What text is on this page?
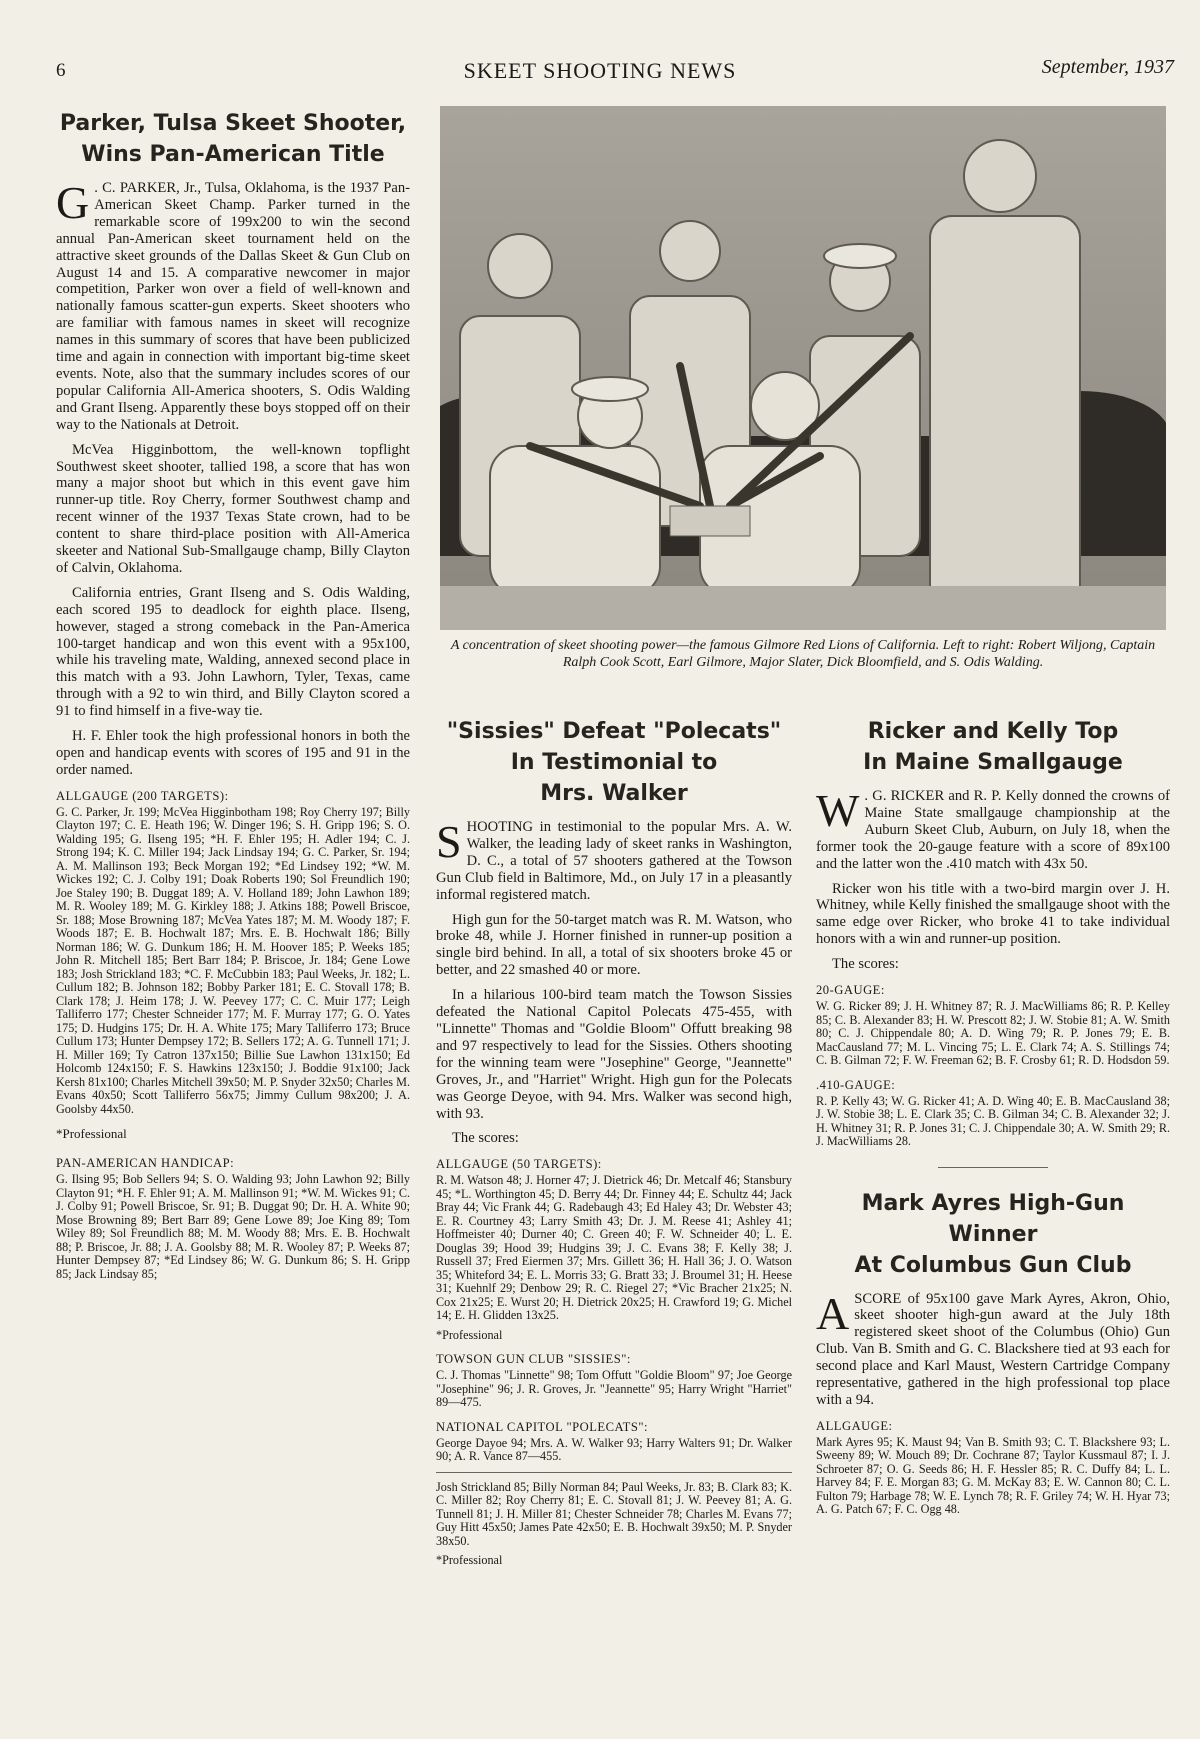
6	SKEET SHOOTING NEWS	September, 1937
Parker, Tulsa Skeet Shooter,
Wins Pan-American Title

G . C. PARKER, Jr., Tulsa, Oklahoma, is the 1937 Pan-American Skeet Champ. Parker turned in the remarkable score of 199x200 to win the second annual Pan-American skeet tournament held on the attractive skeet grounds of the Dallas Skeet & Gun Club on August 14 and 15. A comparative newcomer in major competition, Parker won over a field of well-known and nationally famous scatter-gun experts. Skeet shooters who are familiar with famous names in skeet will recognize names in this summary of scores that have been publicized time and again in connection with important big-time skeet events. Note, also that the summary includes scores of our popular California All-America shooters, S. Odis Walding and Grant Ilseng. Apparently these boys stopped off on their way to the Nationals at Detroit.

McVea Higginbottom, the well-known topflight Southwest skeet shooter, tallied 198, a score that has won many a major shoot but which in this event gave him runner-up title. Roy Cherry, former Southwest champ and recent winner of the 1937 Texas State crown, had to be content to share third-place position with All-America skeeter and National Sub-Smallgauge champ, Billy Clayton of Calvin, Oklahoma.

California entries, Grant Ilseng and S. Odis Walding, each scored 195 to deadlock for eighth place. Ilseng, however, staged a strong comeback in the Pan-America 100-target handicap and won this event with a 95x100, while his traveling mate, Walding, annexed second place in this match with a 93. John Lawhorn, Tyler, Texas, came through with a 92 to win third, and Billy Clayton scored a 91 to find himself in a five-way tie.

H. F. Ehler took the high professional honors in both the open and handicap events with scores of 195 and 91 in the order named.

ALLGAUGE (200 TARGETS):
G. C. Parker, Jr. 199; McVea Higginbotham 198; Roy Cherry 197; Billy Clayton 197; C. E. Heath 196; W. Dinger 196; S. H. Gripp 196; S. O. Walding 195; G. Ilseng 195; *H. F. Ehler 195; H. Adler 194; C. J. Strong 194; K. C. Miller 194; Jack Lindsay 194; G. C. Parker, Sr. 194; A. M. Mallinson 193; Beck Morgan 192; *Ed Lindsey 192; *W. M. Wickes 192; C. J. Colby 191; Doak Roberts 190; Sol Freundlich 190; Joe Staley 190; B. Duggat 189; A. V. Holland 189; John Lawhon 189; M. R. Wooley 189; M. G. Kirkley 188; J. Atkins 188; Powell Briscoe, Sr. 188; Mose Browning 187; McVea Yates 187; M. M. Woody 187; F. Woods 187; E. B. Hochwalt 187; Mrs. E. B. Hochwalt 186; Billy Norman 186; W. G. Dunkum 186; H. M. Hoover 185; P. Weeks 185; John R. Mitchell 185; Bert Barr 184; P. Briscoe, Jr. 184; Gene Lowe 183; Josh Strickland 183; *C. F. McCubbin 183; Paul Weeks, Jr. 182; L. Cullum 182; B. Johnson 182; Bobby Parker 181; E. C. Stovall 178; B. Clark 178; J. Heim 178; J. W. Peevey 177; C. C. Muir 177; Leigh Talliferro 177; Chester Schneider 177; M. F. Murray 177; G. O. Yates 175; D. Hudgins 175; Dr. H. A. White 175; Mary Talliferro 173; Bruce Cullum 173; Hunter Dempsey 172; B. Sellers 172; A. G. Tunnell 171; J. H. Miller 169; Ty Catron 137x150; Billie Sue Lawhon 131x150; Ed Holcomb 124x150; F. S. Hawkins 123x150; J. Boddie 91x100; Jack Kersh 81x100; Charles Mitchell 39x50; M. P. Snyder 32x50; Charles M. Evans 40x50; Scott Talliferro 56x75; Jimmy Cullum 98x200; J. A. Goolsby 44x50.
*Professional
PAN-AMERICAN HANDICAP:
G. Ilsing 95; Bob Sellers 94; S. O. Walding 93; John Lawhon 92; Billy Clayton 91; *H. F. Ehler 91; A. M. Mallinson 91; *W. M. Wickes 91; C. J. Colby 91; Powell Briscoe, Sr. 91; B. Duggat 90; Dr. H. A. White 90; Mose Browning 89; Bert Barr 89; Gene Lowe 89; Joe King 89; Tom Wiley 89; Sol Freundlich 88; M. M. Woody 88; Mrs. E. B. Hochwalt 88; P. Briscoe, Jr. 88; J. A. Goolsby 88; M. R. Wooley 87; P. Weeks 87; Hunter Dempsey 87; *Ed Lindsey 86; W. G. Dunkum 86; S. H. Gripp 85; Jack Lindsay 85;
A concentration of skeet shooting power—the famous Gilmore Red Lions of California. Left to right: Robert Wiljong, Captain Ralph Cook Scott, Earl Gilmore, Major Slater, Dick Bloomfield, and S. Odis Walding.
"Sissies" Defeat "Polecats"
In Testimonial to
Mrs. Walker

SHOOTING in testimonial to the popular Mrs. A. W. Walker, the leading lady of skeet ranks in Washington, D. C., a total of 57 shooters gathered at the Towson Gun Club field in Baltimore, Md., on July 17 in a pleasantly informal registered match.

High gun for the 50-target match was R. M. Watson, who broke 48, while J. Horner finished in runner-up position a single bird behind. In all, a total of six shooters broke 45 or better, and 22 smashed 40 or more.

In a hilarious 100-bird team match the Towson Sissies defeated the National Capitol Polecats 475-455, with "Linnette" Thomas and "Goldie Bloom" Offutt breaking 98 and 97 respectively to lead for the Sissies. Others shooting for the winning team were "Josephine" George, "Jeannette" Groves, Jr., and "Harriet" Wright. High gun for the Polecats was George Deyoe, with 94. Mrs. Walker was second high, with 93.

The scores:

ALLGAUGE (50 TARGETS):
R. M. Watson 48; J. Horner 47; J. Dietrick 46; Dr. Metcalf 46; Stansbury 45; *L. Worthington 45; D. Berry 44; Dr. Finney 44; E. Schultz 44; Jack Bray 44; Vic Frank 44; G. Radebaugh 43; Ed Haley 43; Dr. Webster 43; E. R. Courtney 43; Larry Smith 43; Dr. J. M. Reese 41; Ashley 41; Hoffmeister 40; Durner 40; C. Green 40; F. W. Schneider 40; L. E. Douglas 39; Hood 39; Hudgins 39; J. C. Evans 38; F. Kelly 38; J. Russell 37; Fred Eiermen 37; Mrs. Gillett 36; H. Hall 36; J. O. Watson 35; Whiteford 34; E. L. Morris 33; G. Bratt 33; J. Broumel 31; H. Heese 31; Kuehnlf 29; Denbow 29; R. C. Riegel 27; *Vic Bracher 21x25; N. Cox 21x25; E. Wurst 20; H. Dietrick 20x25; H. Crawford 19; G. Michel 14; E. H. Glidden 13x25.
*Professional
TOWSON GUN CLUB "SISSIES":
C. J. Thomas "Linnette" 98; Tom Offutt "Goldie Bloom" 97; Joe George "Josephine" 96; J. R. Groves, Jr. "Jeannette" 95; Harry Wright "Harriet" 89—475.
NATIONAL CAPITOL "POLECATS":
George Dayoe 94; Mrs. A. W. Walker 93; Harry Walters 91; Dr. Walker 90; A. R. Vance 87—455.
Josh Strickland 85; Billy Norman 84; Paul Weeks, Jr. 83; B. Clark 83; K. C. Miller 82; Roy Cherry 81; E. C. Stovall 81; J. W. Peevey 81; A. G. Tunnell 81; J. H. Miller 81; Chester Schneider 78; Charles M. Evans 77; Guy Hitt 45x50; James Pate 42x50; E. B. Hochwalt 39x50; M. P. Snyder 38x50.
*Professional
Ricker and Kelly Top
In Maine Smallgauge

W . G. RICKER and R. P. Kelly donned the crowns of Maine State smallgauge championship at the Auburn Skeet Club, Auburn, on July 18, when the former took the 20-gauge feature with a score of 89x100 and the latter won the .410 match with 43x 50.

Ricker won his title with a two-bird margin over J. H. Whitney, while Kelly finished the smallgauge shoot with the same edge over Ricker, who broke 41 to take individual honors with a win and runner-up position.

The scores:

20-GAUGE:
W. G. Ricker 89; J. H. Whitney 87; R. J. MacWilliams 86; R. P. Kelley 85; C. B. Alexander 83; H. W. Prescott 82; J. W. Stobie 81; A. W. Smith 80; C. J. Chippendale 80; A. D. Wing 79; R. P. Jones 79; E. B. MacCausland 77; M. L. Vincing 75; L. E. Clark 74; A. S. Stillings 74; C. B. Gilman 72; F. W. Freeman 62; B. F. Crosby 61; R. D. Hodsdon 59.
.410-GAUGE:
R. P. Kelly 43; W. G. Ricker 41; A. D. Wing 40; E. B. MacCausland 38; J. W. Stobie 38; L. E. Clark 35; C. B. Gilman 34; C. B. Alexander 32; J. H. Whitney 31; R. P. Jones 31; C. J. Chippendale 30; A. W. Smith 29; R. J. MacWilliams 28.
Mark Ayres High-Gun Winner
At Columbus Gun Club

ASCORE of 95x100 gave Mark Ayres, Akron, Ohio, skeet shooter high-gun award at the July 18th registered skeet shoot of the Columbus (Ohio) Gun Club. Van B. Smith and G. C. Blackshere tied at 93 each for second place and Karl Maust, Western Cartridge Company representative, gathered in the high professional top place with a 94.

ALLGAUGE:
Mark Ayres 95; K. Maust 94; Van B. Smith 93; C. T. Blackshere 93; L. Sweeny 89; W. Mouch 89; Dr. Cochrane 87; Taylor Kussmaul 87; I. J. Schroeter 87; O. G. Seeds 86; H. F. Hessler 85; R. C. Duffy 84; L. L. Harvey 84; F. E. Morgan 83; G. M. McKay 83; E. W. Cannon 80; C. L. Fulton 79; Harbage 78; W. E. Lynch 78; R. F. Griley 74; W. H. Hyar 73; A. G. Patch 67; F. C. Ogg 48.
